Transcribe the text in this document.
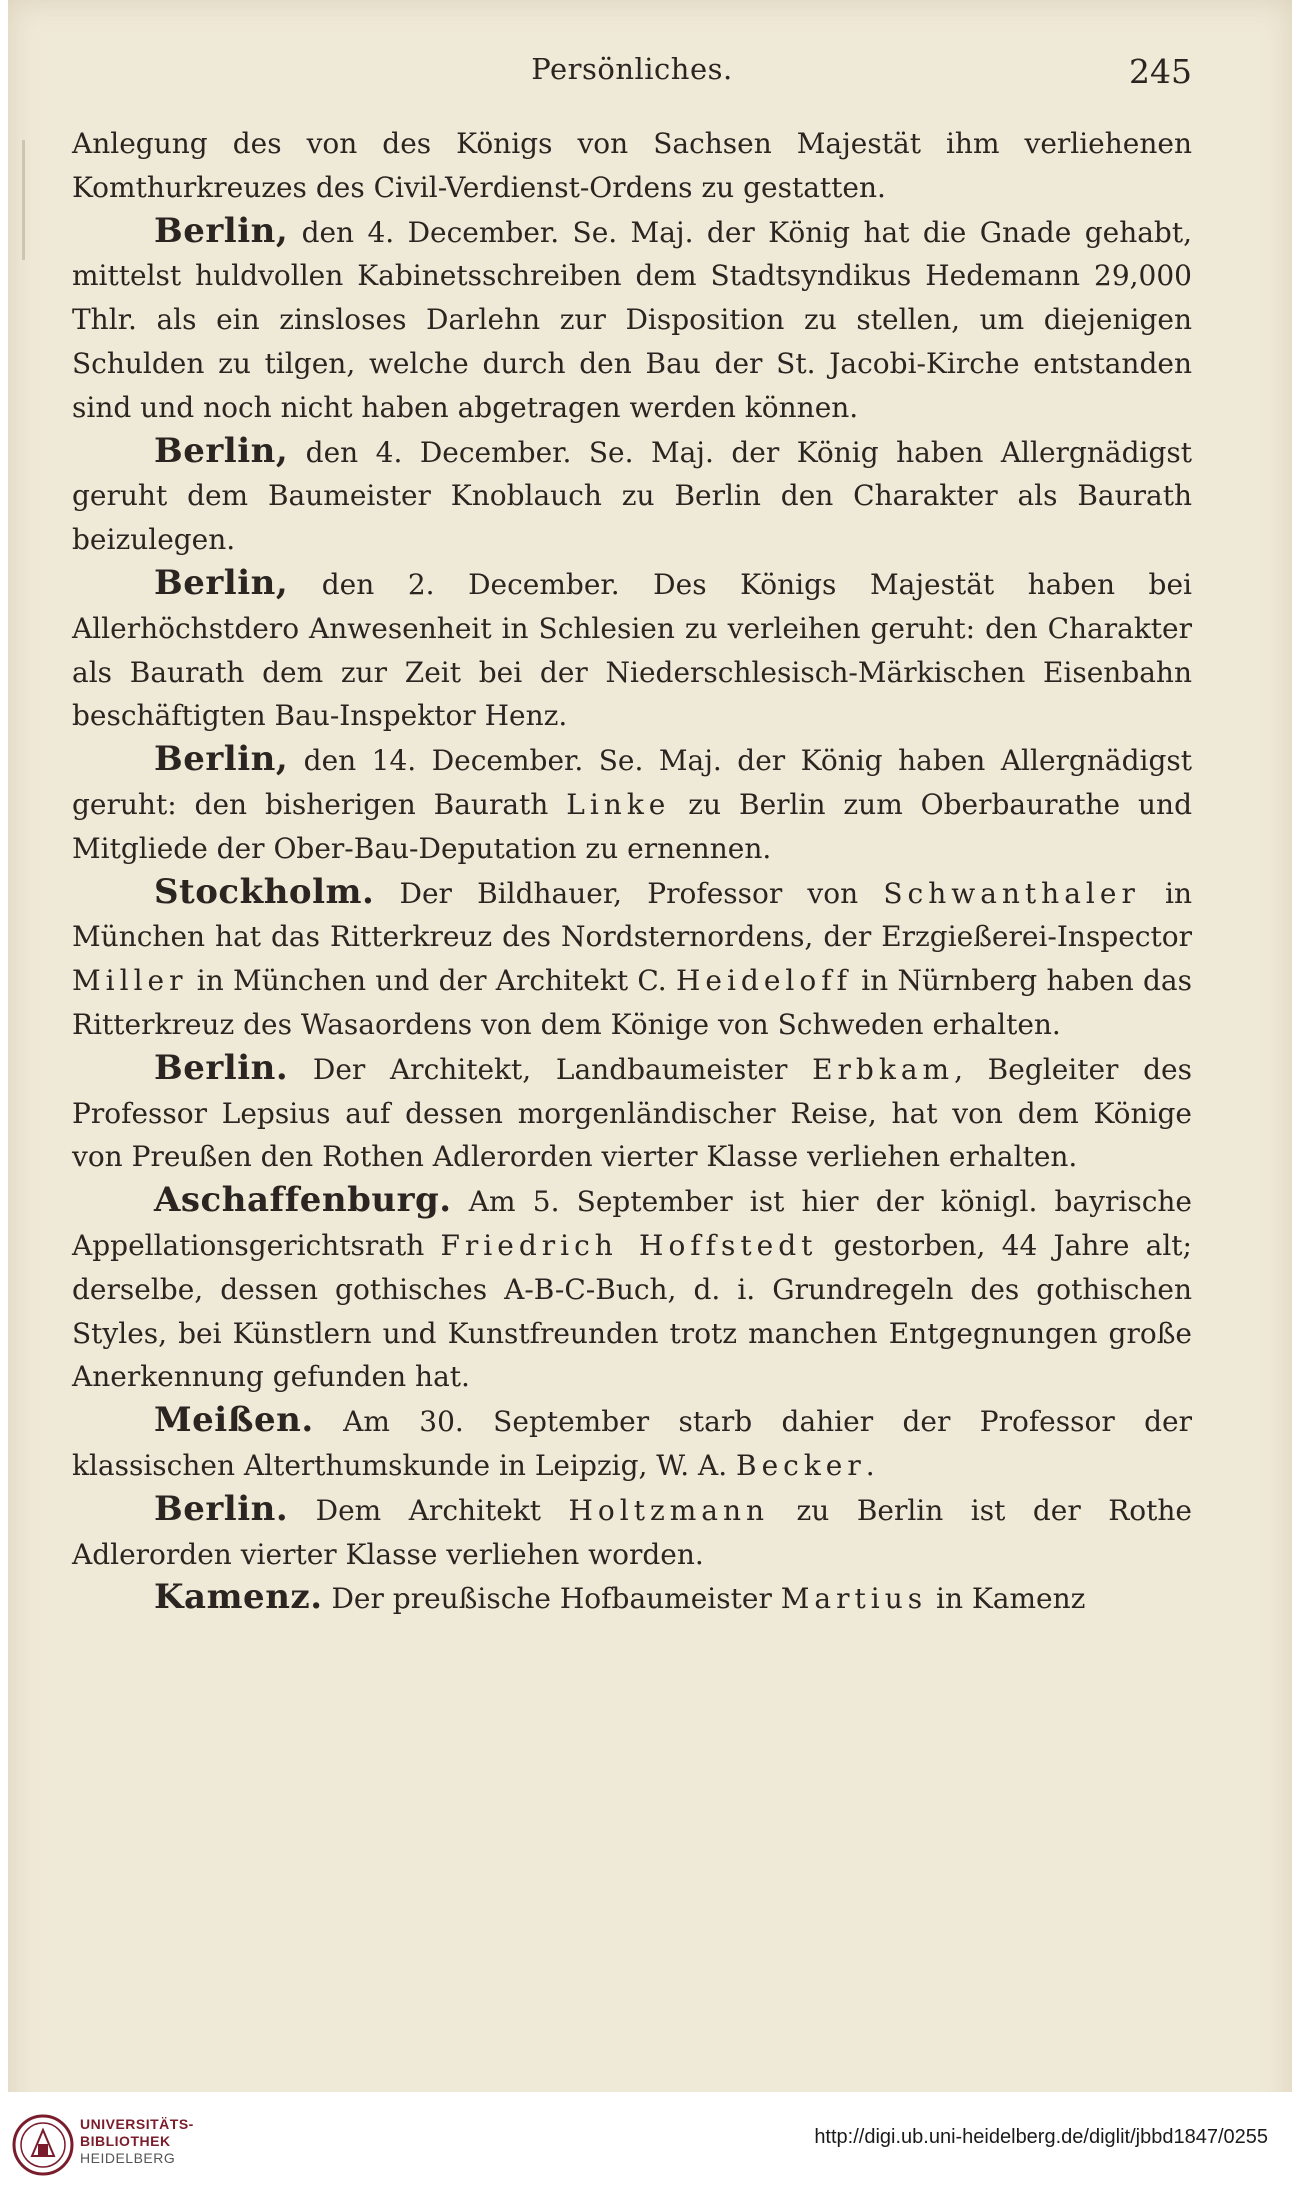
Persönliches.	245

Anlegung des von des Königs von Sachsen Majestät ihm verliehenen Komthurkreuzes des Civil-Verdienst-Ordens zu gestatten.

Berlin, den 4. December. Se. Maj. der König hat die Gnade gehabt, mittelst huldvollen Kabinetsschreiben dem Stadtsyndikus Hedemann 29,000 Thlr. als ein zinsloses Darlehn zur Disposition zu stellen, um diejenigen Schulden zu tilgen, welche durch den Bau der St. Jacobi-Kirche entstanden sind und noch nicht haben abgetragen werden können.

Berlin, den 4. December. Se. Maj. der König haben Allergnädigst geruht dem Baumeister Knoblauch zu Berlin den Charakter als Baurath beizulegen.

Berlin, den 2. December. Des Königs Majestät haben bei Allerhöchstdero Anwesenheit in Schlesien zu verleihen geruht: den Charakter als Baurath dem zur Zeit bei der Niederschlesisch-Märkischen Eisenbahn beschäftigten Bau-Inspektor Henz.

Berlin, den 14. December. Se. Maj. der König haben Allergnädigst geruht: den bisherigen Baurath Linke zu Berlin zum Oberbaurathe und Mitgliede der Ober-Bau-Deputation zu ernennen.

Stockholm. Der Bildhauer, Professor von Schwanthaler in München hat das Ritterkreuz des Nordsternordens, der Erzgießerei-Inspector Miller in München und der Architekt C. Heideloff in Nürnberg haben das Ritterkreuz des Wasaordens von dem Könige von Schweden erhalten.

Berlin. Der Architekt, Landbaumeister Erbkam, Begleiter des Professor Lepsius auf dessen morgenländischer Reise, hat von dem Könige von Preußen den Rothen Adlerorden vierter Klasse verliehen erhalten.

Aschaffenburg. Am 5. September ist hier der königl. bayrische Appellationsgerichtsrath Friedrich Hoffstedt gestorben, 44 Jahre alt; derselbe, dessen gothisches A-B-C-Buch, d. i. Grundregeln des gothischen Styles, bei Künstlern und Kunstfreunden trotz manchen Entgegnungen große Anerkennung gefunden hat.

Meißen. Am 30. September starb dahier der Professor der klassischen Alterthumskunde in Leipzig, W. A. Becker.

Berlin. Dem Architekt Holtzmann zu Berlin ist der Rothe Adlerorden vierter Klasse verliehen worden.

Kamenz. Der preußische Hofbaumeister Martius in Kamenz

UNIVERSITÄTS-
BIBLIOTHEK
HEIDELBERG
http://digi.ub.uni-heidelberg.de/diglit/jbbd1847/0255
